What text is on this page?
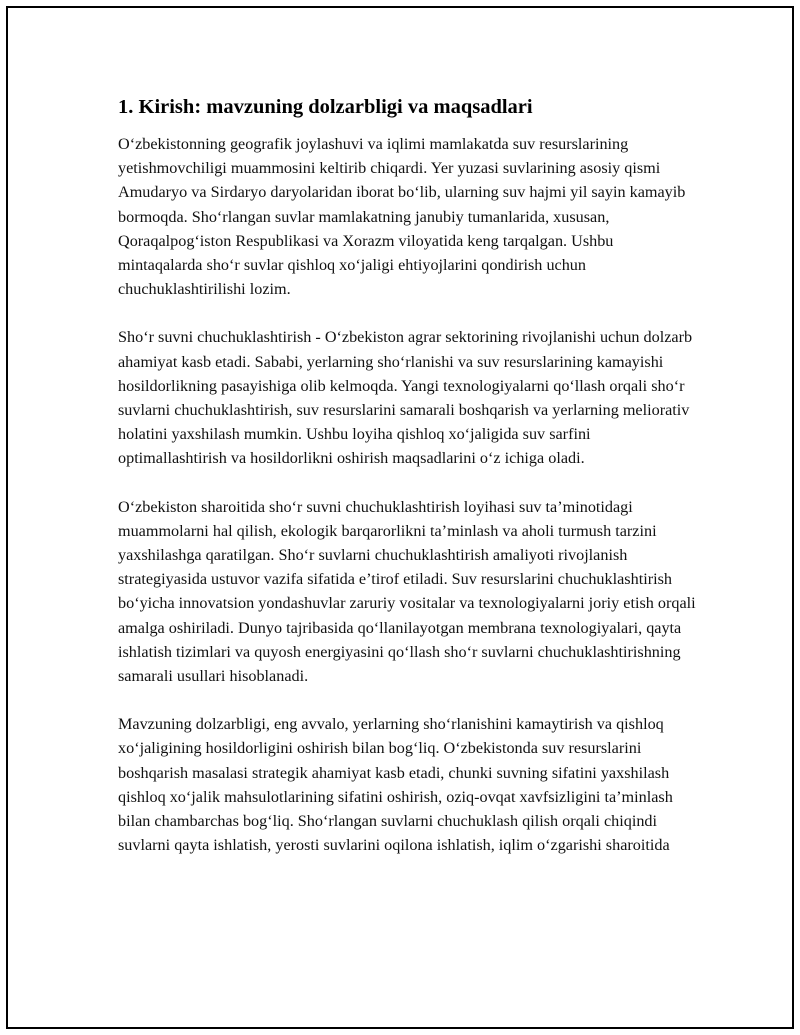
1. Kirish: mavzuning dolzarbligi va maqsadlari

O‘zbekistonning geografik joylashuvi va iqlimi mamlakatda suv resurslarining yetishmovchiligi muammosini keltirib chiqardi. Yer yuzasi suvlarining asosiy qismi Amudaryo va Sirdaryo daryolaridan iborat bo‘lib, ularning suv hajmi yil sayin kamayib bormoqda. Sho‘rlangan suvlar mamlakatning janubiy tumanlarida, xususan, Qoraqalpog‘iston Respublikasi va Xorazm viloyatida keng tarqalgan. Ushbu mintaqalarda sho‘r suvlar qishloq xo‘jaligi ehtiyojlarini qondirish uchun chuchuklashtirilishi lozim.

Sho‘r suvni chuchuklashtirish - O‘zbekiston agrar sektorining rivojlanishi uchun dolzarb ahamiyat kasb etadi. Sababi, yerlarning sho‘rlanishi va suv resurslarining kamayishi hosildorlikning pasayishiga olib kelmoqda. Yangi texnologiyalarni qo‘llash orqali sho‘r suvlarni chuchuklashtirish, suv resurslarini samarali boshqarish va yerlarning meliorativ holatini yaxshilash mumkin. Ushbu loyiha qishloq xo‘jaligida suv sarfini optimallashtirish va hosildorlikni oshirish maqsadlarini o‘z ichiga oladi.

O‘zbekiston sharoitida sho‘r suvni chuchuklashtirish loyihasi suv ta’minotidagi muammolarni hal qilish, ekologik barqarorlikni ta’minlash va aholi turmush tarzini yaxshilashga qaratilgan. Sho‘r suvlarni chuchuklashtirish amaliyoti rivojlanish strategiyasida ustuvor vazifa sifatida e’tirof etiladi. Suv resurslarini chuchuklashtirish bo‘yicha innovatsion yondashuvlar zaruriy vositalar va texnologiyalarni joriy etish orqali amalga oshiriladi. Dunyo tajribasida qo‘llanilayotgan membrana texnologiyalari, qayta ishlatish tizimlari va quyosh energiyasini qo‘llash sho‘r suvlarni chuchuklashtirishning samarali usullari hisoblanadi.

Mavzuning dolzarbligi, eng avvalo, yerlarning sho‘rlanishini kamaytirish va qishloq xo‘jaligining hosildorligini oshirish bilan bog‘liq. O‘zbekistonda suv resurslarini boshqarish masalasi strategik ahamiyat kasb etadi, chunki suvning sifatini yaxshilash qishloq xo‘jalik mahsulotlarining sifatini oshirish, oziq-ovqat xavfsizligini ta’minlash bilan chambarchas bog‘liq. Sho‘rlangan suvlarni chuchuklash qilish orqali chiqindi suvlarni qayta ishlatish, yerosti suvlarini oqilona ishlatish, iqlim o‘zgarishi sharoitida
